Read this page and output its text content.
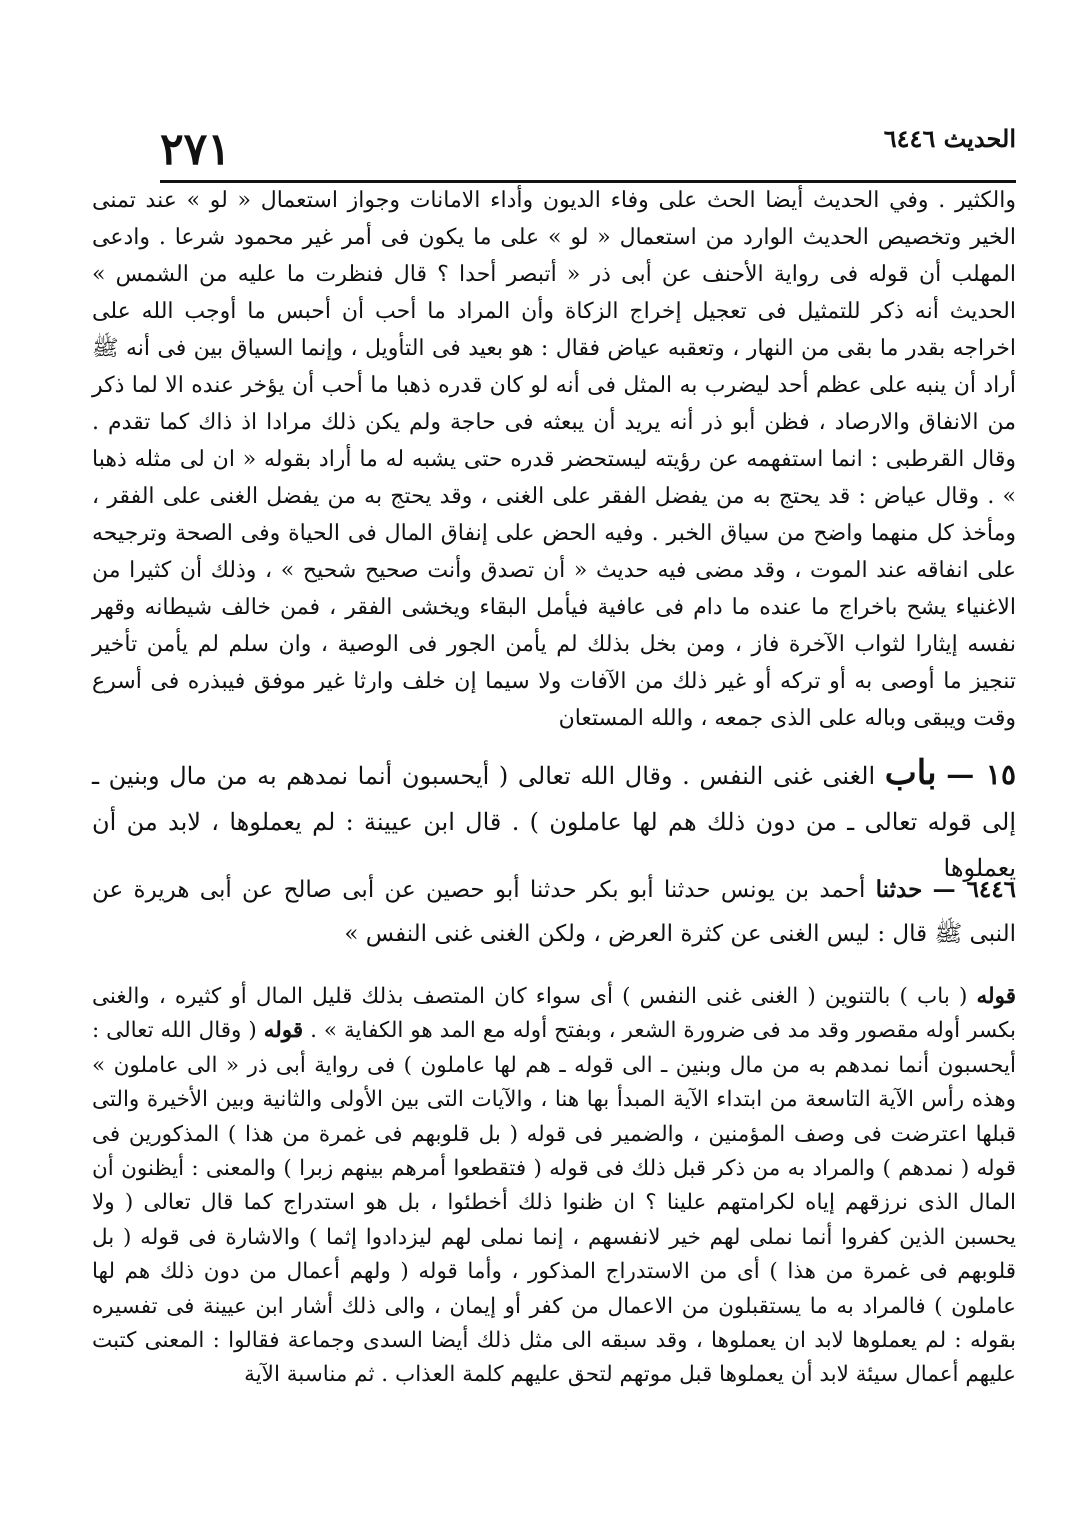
٢٧١	الحديث ٦٤٤٦

والكثير . وفي الحديث أيضا الحث على وفاء الديون وأداء الامانات وجواز استعمال « لو » عند تمنى الخير وتخصيص الحديث الوارد من استعمال « لو » على ما يكون فى أمر غير محمود شرعا . وادعى المهلب أن قوله فى رواية الأحنف عن أبى ذر « أتبصر أحدا ؟ قال فنظرت ما عليه من الشمس » الحديث أنه ذكر للتمثيل فى تعجيل إخراج الزكاة وأن المراد ما أحب أن أحبس ما أوجب الله على اخراجه بقدر ما بقى من النهار ، وتعقبه عياض فقال : هو بعيد فى التأويل ، وإنما السياق بين فى أنه ﷺ أراد أن ينبه على عظم أحد ليضرب به المثل فى أنه لو كان قدره ذهبا ما أحب أن يؤخر عنده الا لما ذكر من الانفاق والارصاد ، فظن أبو ذر أنه يريد أن يبعثه فى حاجة ولم يكن ذلك مرادا اذ ذاك كما تقدم . وقال القرطبى : انما استفهمه عن رؤيته ليستحضر قدره حتى يشبه له ما أراد بقوله « ان لى مثله ذهبا » . وقال عياض : قد يحتج به من يفضل الفقر على الغنى ، وقد يحتج به من يفضل الغنى على الفقر ، ومأخذ كل منهما واضح من سياق الخبر . وفيه الحض على إنفاق المال فى الحياة وفى الصحة وترجيحه على انفاقه عند الموت ، وقد مضى فيه حديث « أن تصدق وأنت صحيح شحيح » ، وذلك أن كثيرا من الاغنياء يشح باخراج ما عنده ما دام فى عافية فيأمل البقاء ويخشى الفقر ، فمن خالف شيطانه وقهر نفسه إيثارا لثواب الآخرة فاز ، ومن بخل بذلك لم يأمن الجور فى الوصية ، وان سلم لم يأمن تأخير تنجيز ما أوصى به أو تركه أو غير ذلك من الآفات ولا سيما إن خلف وارثا غير موفق فيبذره فى أسرع وقت ويبقى وباله على الذى جمعه ، والله المستعان

١٥ — باب الغنى غنى النفس . وقال الله تعالى ( أيحسبون أنما نمدهم به من مال وبنين ـ إلى قوله تعالى ـ من دون ذلك هم لها عاملون ) . قال ابن عيينة : لم يعملوها ، لابد من أن يعملوها

٦٤٤٦ — حدثنا أحمد بن يونس حدثنا أبو بكر حدثنا أبو حصين عن أبى صالح عن أبى هريرة عن النبى ﷺ قال : ليس الغنى عن كثرة العرض ، ولكن الغنى غنى النفس »

قوله ( باب ) بالتنوين ( الغنى غنى النفس ) أى سواء كان المتصف بذلك قليل المال أو كثيره ، والغنى بكسر أوله مقصور وقد مد فى ضرورة الشعر ، وبفتح أوله مع المد هو الكفاية » . قوله ( وقال الله تعالى : أيحسبون أنما نمدهم به من مال وبنين ـ الى قوله ـ هم لها عاملون ) فى رواية أبى ذر « الى عاملون » وهذه رأس الآية التاسعة من ابتداء الآية المبدأ بها هنا ، والآيات التى بين الأولى والثانية وبين الأخيرة والتى قبلها اعترضت فى وصف المؤمنين ، والضمير فى قوله ( بل قلوبهم فى غمرة من هذا ) المذكورين فى قوله ( نمدهم ) والمراد به من ذكر قبل ذلك فى قوله ( فتقطعوا أمرهم بينهم زبرا ) والمعنى : أيظنون أن المال الذى نرزقهم إياه لكرامتهم علينا ؟ ان ظنوا ذلك أخطئوا ، بل هو استدراج كما قال تعالى ( ولا يحسبن الذين كفروا أنما نملى لهم خير لانفسهم ، إنما نملى لهم ليزدادوا إثما ) والاشارة فى قوله ( بل قلوبهم فى غمرة من هذا ) أى من الاستدراج المذكور ، وأما قوله ( ولهم أعمال من دون ذلك هم لها عاملون ) فالمراد به ما يستقبلون من الاعمال من كفر أو إيمان ، والى ذلك أشار ابن عيينة فى تفسيره بقوله : لم يعملوها لابد ان يعملوها ، وقد سبقه الى مثل ذلك أيضا السدى وجماعة فقالوا : المعنى كتبت عليهم أعمال سيئة لابد أن يعملوها قبل موتهم لتحق عليهم كلمة العذاب . ثم مناسبة الآية
